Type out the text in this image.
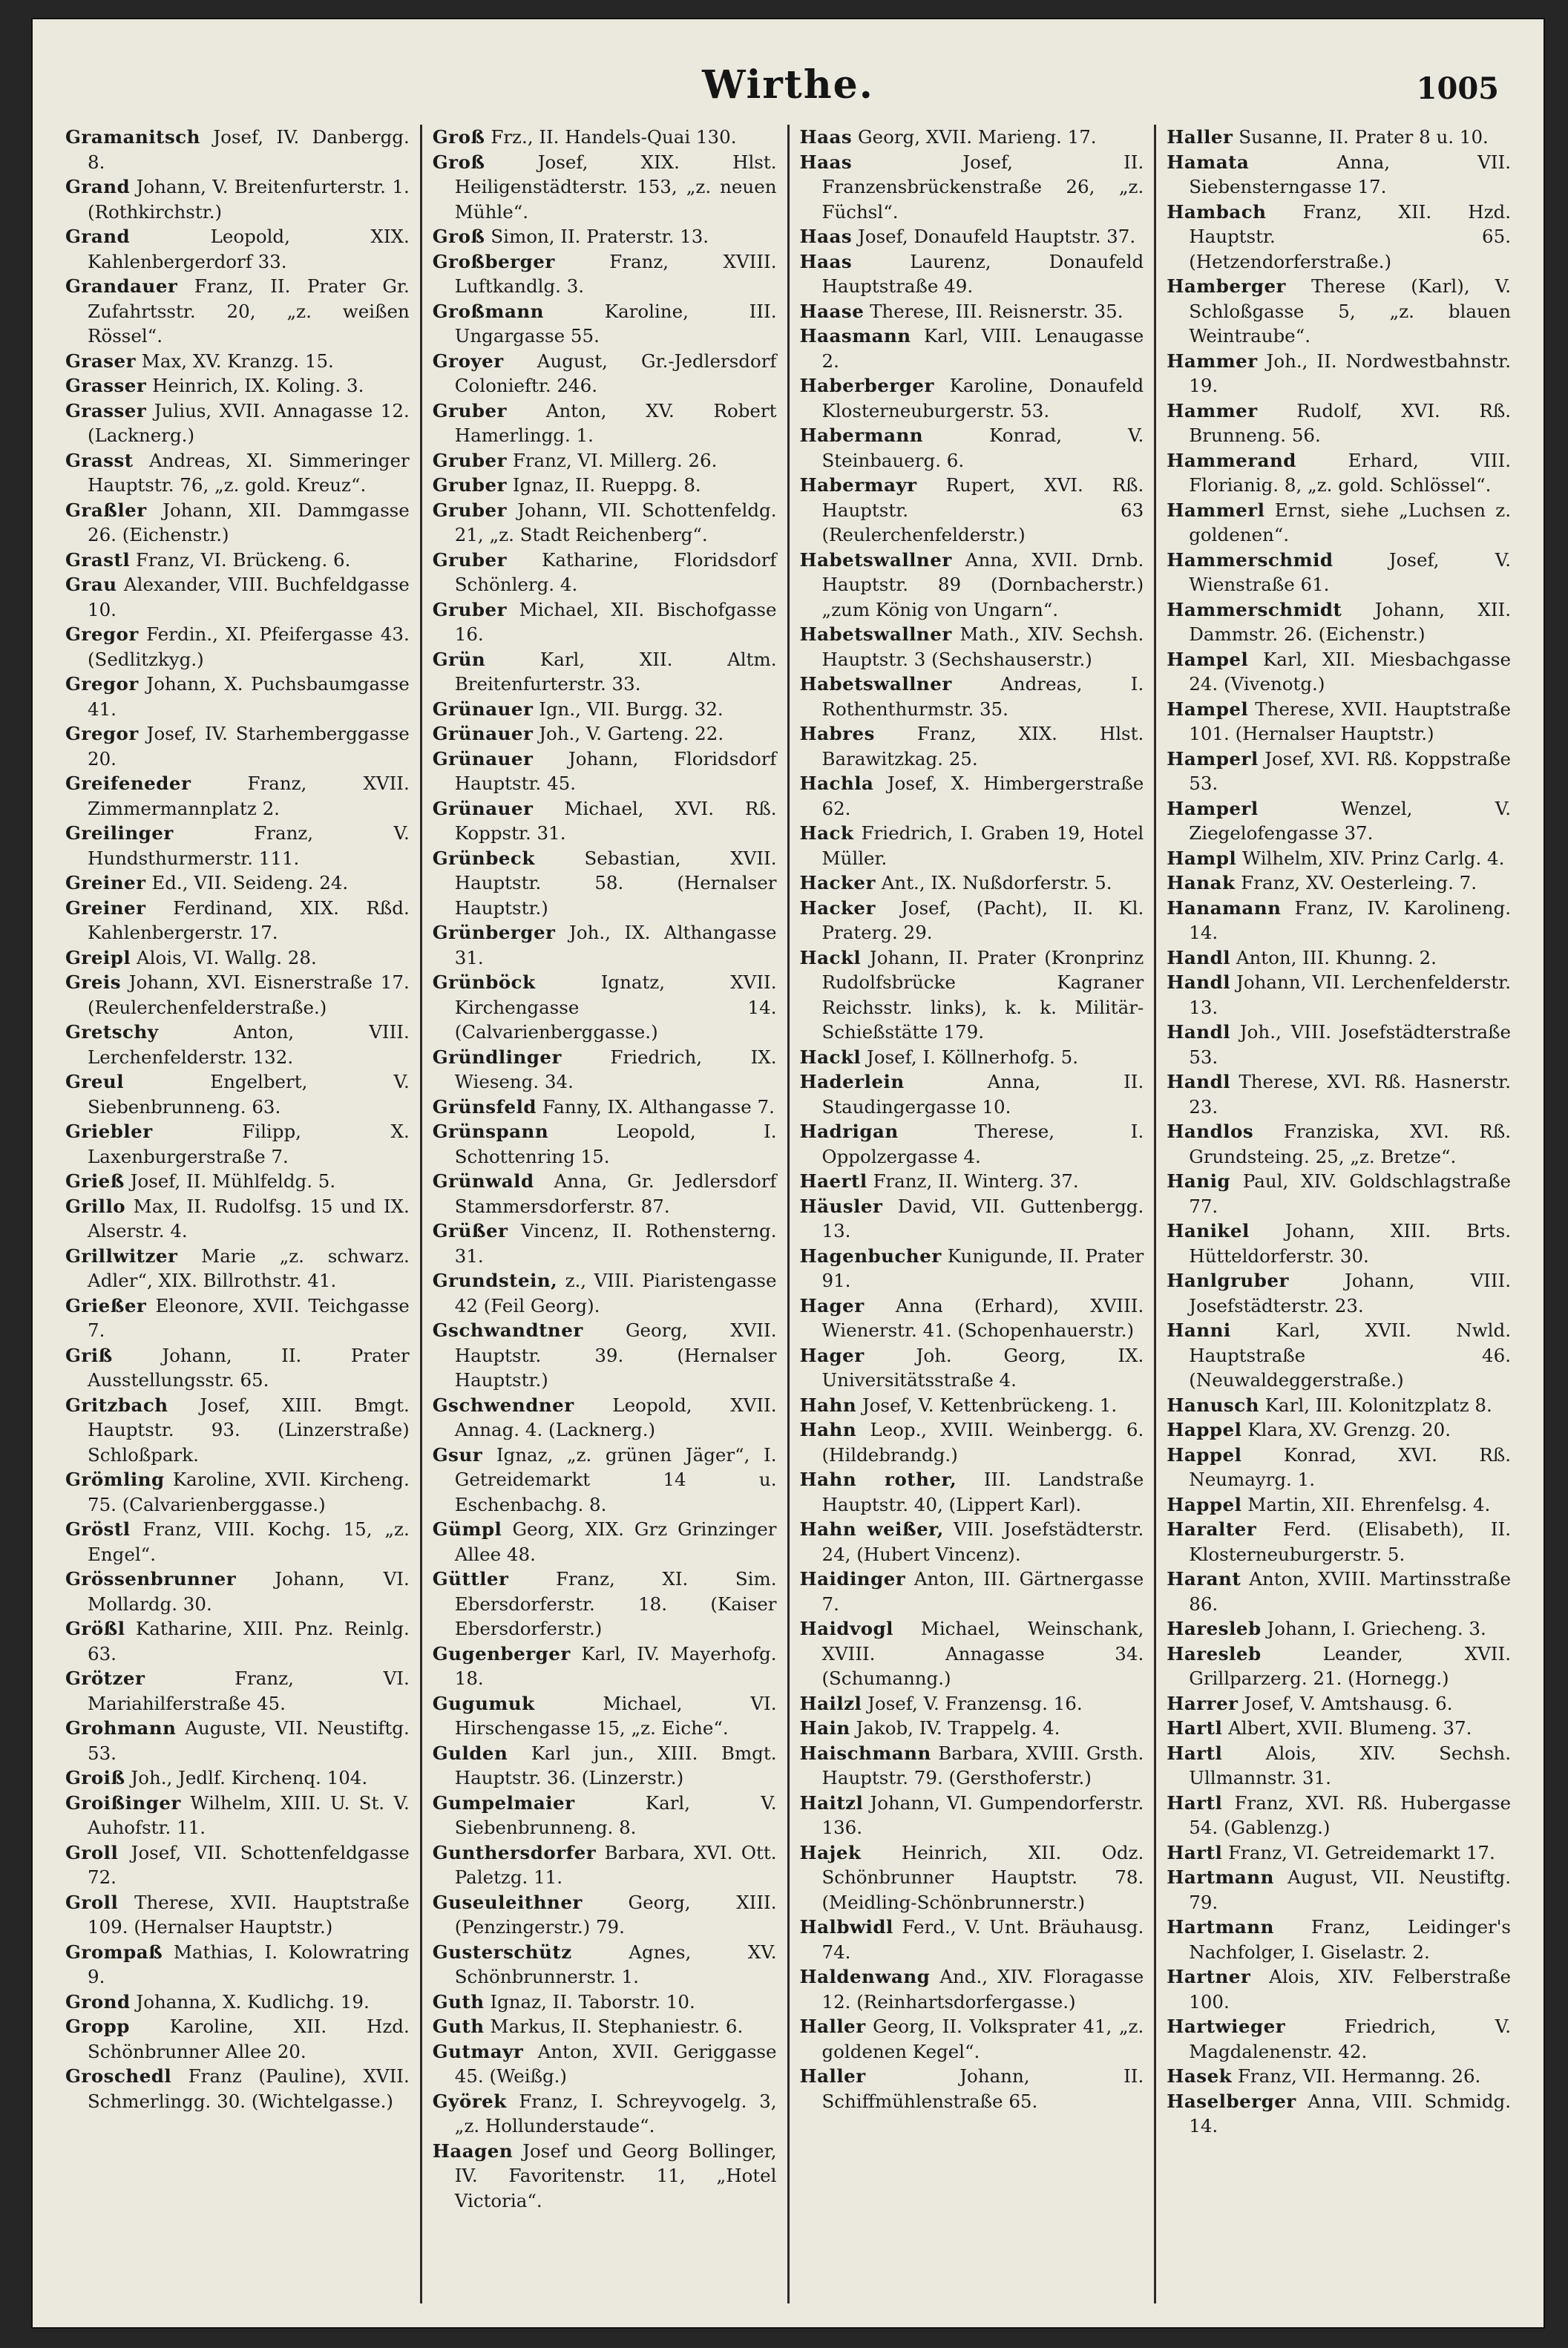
Wirthe.	1005

Gramanitsch Josef, IV. Danbergg. 8.

Grand Johann, V. Breitenfurterstr. 1. (Rothkirchstr.)

Grand	Leopold, XIX. Kahlenbergerdorf 33.

Grandauer Franz, II. Prater Gr. Zufahrtsstr. 20, „z. weißen Rössel“.

Graser Max, XV. Kranzg. 15.

Grasser Heinrich, IX. Koling. 3.

Grasser Julius, XVII. Annagasse 12. (Lacknerg.)

Grasst Andreas, XI. Simmeringer Hauptstr. 76, „z. gold. Kreuz“.

Graßler Johann, XII. Dammgasse 26. (Eichenstr.)

Grastl Franz, VI. Brückeng. 6.

Grau Alexander, VIII. Buchfeldgasse 10.

Gregor Ferdin., XI. Pfeifergasse 43. (Sedlitzkyg.)

Gregor Johann, X. Puchsbaumgasse 41.

Gregor Josef, IV. Starhemberggasse 20.

Greifeneder	Franz, XVII. Zimmermannplatz 2.

Greilinger	Franz, V. Hundsthurmerstr. 111.

Greiner Ed., VII. Seideng. 24.

Greiner Ferdinand, XIX. Rßd. Kahlenbergerstr. 17.

Greipl Alois, VI. Wallg. 28.

Greis Johann, XVI. Eisnerstraße 17. (Reulerchenfelderstraße.)

Gretschy	Anton, VIII. Lerchenfelderstr. 132.

Greul	Engelbert, V. Siebenbrunneng. 63.

Griebler	Filipp, X. Laxenburgerstraße 7.

Grieß Josef, II. Mühlfeldg. 5.

Grillo Max, II. Rudolfsg. 15 und IX. Alserstr. 4.

Grillwitzer Marie „z. schwarz. Adler“, XIX. Billrothstr. 41.

Grießer Eleonore, XVII. Teichgasse 7.

Griß	Johann, II. Prater Ausstellungsstr. 65.

Gritzbach Josef, XIII. Bmgt. Hauptstr. 93. (Linzerstraße) Schloßpark.

Grömling Karoline, XVII. Kircheng. 75. (Calvarienberggasse.)

Gröstl Franz, VIII. Kochg. 15, „z. Engel“.

Grössenbrunner Johann, VI. Mollardg. 30.

Größl Katharine, XIII. Pnz. Reinlg. 63.

Grötzer	Franz, VI. Mariahilferstraße 45.

Grohmann Auguste, VII. Neustiftg. 53.

Groiß Joh., Jedlf. Kirchenq. 104.

Groißinger Wilhelm, XIII. U. St. V. Auhofstr. 11.

Groll Josef, VII. Schottenfeldgasse 72.

Groll Therese, XVII. Hauptstraße 109. (Hernalser Hauptstr.)

Grompaß Mathias, I. Kolowratring 9.

Grond Johanna, X. Kudlichg. 19.

Gropp Karoline, XII. Hzd. Schönbrunner Allee 20.

Groschedl Franz (Pauline), XVII. Schmerlingg. 30. (Wichtelgasse.)

Groß Frz., II. Handels-Quai 130.

Groß	Josef, XIX. Hlst. Heiligenstädterstr. 153, „z. neuen Mühle“.

Groß Simon, II. Praterstr. 13.

Großberger	Franz, XVIII. Luftkandlg. 3.

Großmann	Karoline, III. Ungargasse 55.

Groyer August, Gr.-Jedlersdorf Colonieftr. 246.

Gruber Anton, XV. Robert Hamerlingg. 1.

Gruber Franz, VI. Millerg. 26.

Gruber Ignaz, II. Rueppg. 8.

Gruber Johann, VII. Schottenfeldg. 21, „z. Stadt Reichenberg“.

Gruber Katharine, Floridsdorf Schönlerg. 4.

Gruber Michael, XII. Bischofgasse 16.

Grün	Karl, XII. Altm. Breitenfurterstr. 33.

Grünauer Ign., VII. Burgg. 32.

Grünauer Joh., V. Garteng. 22.

Grünauer Johann, Floridsdorf Hauptstr. 45.

Grünauer Michael, XVI. Rß. Koppstr. 31.

Grünbeck	Sebastian, XVII. Hauptstr. 58. (Hernalser Hauptstr.)

Grünberger Joh., IX. Althangasse 31.

Grünböck	Ignatz, XVII. Kirchengasse 14. (Calvarienberggasse.)

Gründlinger	Friedrich, IX. Wieseng. 34.

Grünsfeld Fanny, IX. Althangasse 7.

Grünspann	Leopold, I. Schottenring 15.

Grünwald Anna, Gr. Jedlersdorf Stammersdorferstr. 87.

Grüßer Vincenz, II. Rothensterng. 31.

Grundstein, z., VIII. Piaristengasse 42 (Feil Georg).

Gschwandtner Georg, XVII. Hauptstr. 39. (Hernalser Hauptstr.)

Gschwendner Leopold, XVII. Annag. 4. (Lacknerg.)

Gsur Ignaz, „z. grünen Jäger“, I. Getreidemarkt 14 u. Eschenbachg. 8.

Gümpl Georg, XIX. Grz Grinzinger Allee 48.

Güttler	Franz, XI. Sim. Ebersdorferstr. 18. (Kaiser Ebersdorferstr.)

Gugenberger Karl, IV. Mayerhofg. 18.

Gugumuk	Michael, VI. Hirschengasse 15, „z. Eiche“.

Gulden Karl jun., XIII. Bmgt. Hauptstr. 36. (Linzerstr.)

Gumpelmaier	Karl, V. Siebenbrunneng. 8.

Gunthersdorfer Barbara, XVI. Ott. Paletzg. 11.

Guseuleithner	Georg, XIII. (Penzingerstr.) 79.

Gusterschütz	Agnes, XV. Schönbrunnerstr. 1.

Guth Ignaz, II. Taborstr. 10.

Guth Markus, II. Stephaniestr. 6.

Gutmayr Anton, XVII. Geriggasse 45. (Weißg.)

Györek Franz, I. Schreyvogelg. 3, „z. Hollunderstaude“.

Haagen Josef und Georg Bollinger, IV. Favoritenstr. 11, „Hotel Victoria“.

Haas Georg, XVII. Marieng. 17.

Haas	Josef, II. Franzensbrückenstraße 26, „z. Füchsl“.

Haas Josef, Donaufeld Hauptstr. 37.

Haas	Laurenz, Donaufeld Hauptstraße 49.

Haase Therese, III. Reisnerstr. 35.

Haasmann Karl, VIII. Lenaugasse 2.

Haberberger Karoline, Donaufeld Klosterneuburgerstr. 53.

Habermann	Konrad, V. Steinbauerg. 6.

Habermayr Rupert, XVI. Rß. Hauptstr. 63 (Reulerchenfelderstr.)

Habetswallner Anna, XVII. Drnb. Hauptstr. 89 (Dornbacherstr.) „zum König von Ungarn“.

Habetswallner Math., XIV. Sechsh. Hauptstr. 3 (Sechshauserstr.)

Habetswallner	Andreas, I. Rothenthurmstr. 35.

Habres Franz, XIX. Hlst. Barawitzkag. 25.

Hachla Josef, X. Himbergerstraße 62.

Hack Friedrich, I. Graben 19, Hotel Müller.

Hacker Ant., IX. Nußdorferstr. 5.

Hacker Josef, (Pacht), II. Kl. Praterg. 29.

Hackl Johann, II. Prater (Kronprinz Rudolfsbrücke Kagraner Reichsstr. links), k. k. Militär-Schießstätte 179.

Hackl Josef, I. Köllnerhofg. 5.

Haderlein	Anna, II. Staudingergasse 10.

Hadrigan	Therese, I. Oppolzergasse 4.

Haertl Franz, II. Winterg. 37.

Häusler David, VII. Guttenbergg. 13.

Hagenbucher Kunigunde, II. Prater 91.

Hager Anna (Erhard), XVIII. Wienerstr. 41. (Schopenhauerstr.)

Hager	Joh. Georg, IX. Universitätsstraße 4.

Hahn Josef, V. Kettenbrückeng. 1.

Hahn Leop., XVIII. Weinbergg. 6. (Hildebrandg.)

Hahn rother, III. Landstraße Hauptstr. 40, (Lippert Karl).

Hahn weißer, VIII. Josefstädterstr. 24, (Hubert Vincenz).

Haidinger Anton, III. Gärtnergasse 7.

Haidvogl Michael, Weinschank, XVIII. Annagasse 34. (Schumanng.)

Hailzl Josef, V. Franzensg. 16.

Hain Jakob, IV. Trappelg. 4.

Haischmann Barbara, XVIII. Grsth. Hauptstr. 79. (Gersthoferstr.)

Haitzl Johann, VI. Gumpendorferstr. 136.

Hajek Heinrich, XII. Odz. Schönbrunner Hauptstr. 78. (Meidling-Schönbrunnerstr.)

Halbwidl Ferd., V. Unt. Bräuhausg. 74.

Haldenwang And., XIV. Floragasse 12. (Reinhartsdorfergasse.)

Haller Georg, II. Volksprater 41, „z. goldenen Kegel“.

Haller	Johann, II. Schiffmühlenstraße 65.

Haller Susanne, II. Prater 8 u. 10.

Hamata	Anna, VII. Siebensterngasse 17.

Hambach Franz, XII. Hzd. Hauptstr. 65. (Hetzendorferstraße.)

Hamberger Therese (Karl), V. Schloßgasse 5, „z. blauen Weintraube“.

Hammer Joh., II. Nordwestbahnstr. 19.

Hammer Rudolf, XVI. Rß. Brunneng. 56.

Hammerand	Erhard, VIII. Florianig. 8, „z. gold. Schlössel“.

Hammerl Ernst, siehe „Luchsen z. goldenen“.

Hammerschmid	Josef, V. Wienstraße 61.

Hammerschmidt Johann, XII. Dammstr. 26. (Eichenstr.)

Hampel Karl, XII. Miesbachgasse 24. (Vivenotg.)

Hampel Therese, XVII. Hauptstraße 101. (Hernalser Hauptstr.)

Hamperl Josef, XVI. Rß. Koppstraße 53.

Hamperl	Wenzel, V. Ziegelofengasse 37.

Hampl Wilhelm, XIV. Prinz Carlg. 4.

Hanak Franz, XV. Oesterleing. 7.

Hanamann Franz, IV. Karolineng. 14.

Handl Anton, III. Khunng. 2.

Handl Johann, VII. Lerchenfelderstr. 13.

Handl Joh., VIII. Josefstädterstraße 53.

Handl Therese, XVI. Rß. Hasnerstr. 23.

Handlos Franziska, XVI. Rß. Grundsteing. 25, „z. Bretze“.

Hanig Paul, XIV. Goldschlagstraße 77.

Hanikel Johann, XIII. Brts. Hütteldorferstr. 30.

Hanlgruber	Johann, VIII. Josefstädterstr. 23.

Hanni Karl, XVII. Nwld. Hauptstraße 46. (Neuwaldeggerstraße.)

Hanusch Karl, III. Kolonitzplatz 8.

Happel Klara, XV. Grenzg. 20.

Happel Konrad, XVI. Rß. Neumayrg. 1.

Happel Martin, XII. Ehrenfelsg. 4.

Haralter Ferd. (Elisabeth), II. Klosterneuburgerstr. 5.

Harant Anton, XVIII. Martinsstraße 86.

Haresleb Johann, I. Griecheng. 3.

Haresleb	Leander, XVII. Grillparzerg. 21. (Hornegg.)

Harrer Josef, V. Amtshausg. 6.

Hartl Albert, XVII. Blumeng. 37.

Hartl Alois, XIV. Sechsh. Ullmannstr. 31.

Hartl Franz, XVI. Rß. Hubergasse 54. (Gablenzg.)

Hartl Franz, VI. Getreidemarkt 17.

Hartmann August, VII. Neustiftg. 79.

Hartmann Franz, Leidinger's Nachfolger, I. Giselastr. 2.

Hartner Alois, XIV. Felberstraße 100.

Hartwieger	Friedrich, V. Magdalenenstr. 42.

Hasek Franz, VII. Hermanng. 26.

Haselberger Anna, VIII. Schmidg. 14.
